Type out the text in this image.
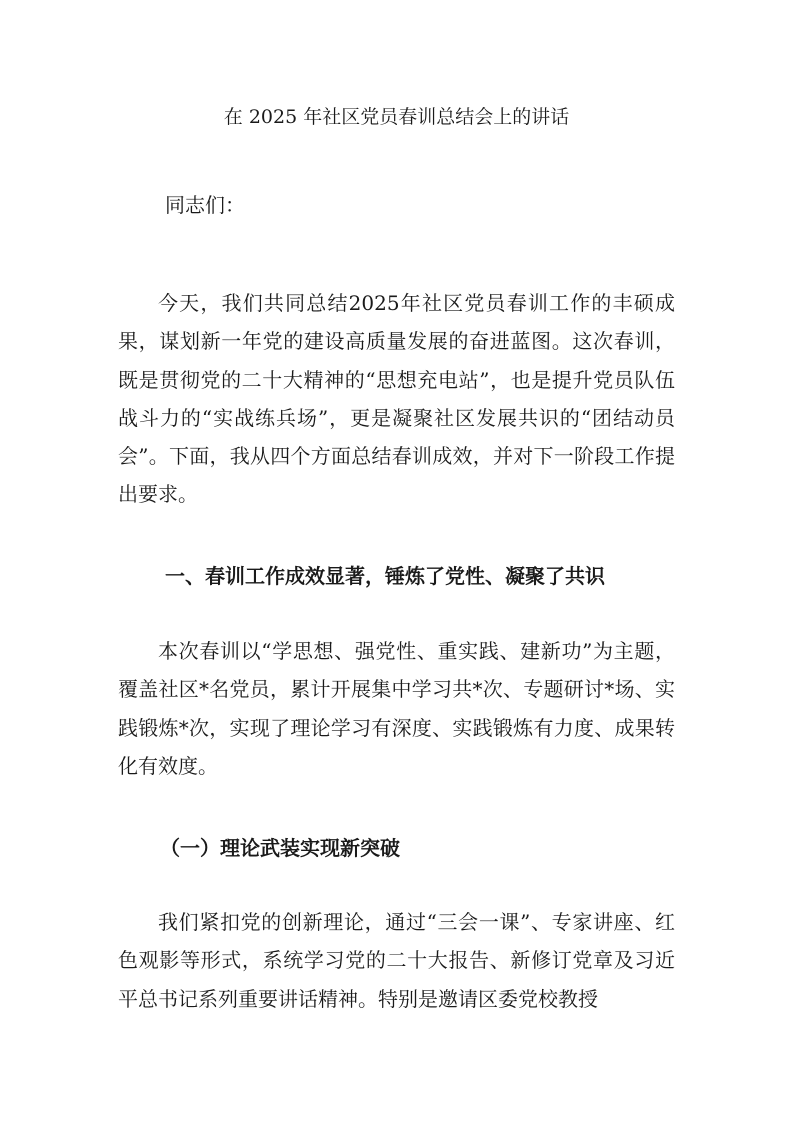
在 2025 年社区党员春训总结会上的讲话
同志们：

今天，我们共同总结2025年社区党员春训工作的丰硕成果，谋划新一年党的建设高质量发展的奋进蓝图。这次春训，既是贯彻党的二十大精神的“思想充电站”，也是提升党员队伍战斗力的“实战练兵场”，更是凝聚社区发展共识的“团结动员会”。下面，我从四个方面总结春训成效，并对下一阶段工作提出要求。

一、春训工作成效显著，锤炼了党性、凝聚了共识

本次春训以“学思想、强党性、重实践、建新功”为主题，覆盖社区*名党员，累计开展集中学习共*次、专题研讨*场、实践锻炼*次，实现了理论学习有深度、实践锻炼有力度、成果转化有效度。

（一）理论武装实现新突破

我们紧扣党的创新理论，通过“三会一课”、专家讲座、红色观影等形式，系统学习党的二十大报告、新修订党章及习近平总书记系列重要讲话精神。特别是邀请区委党校教授
